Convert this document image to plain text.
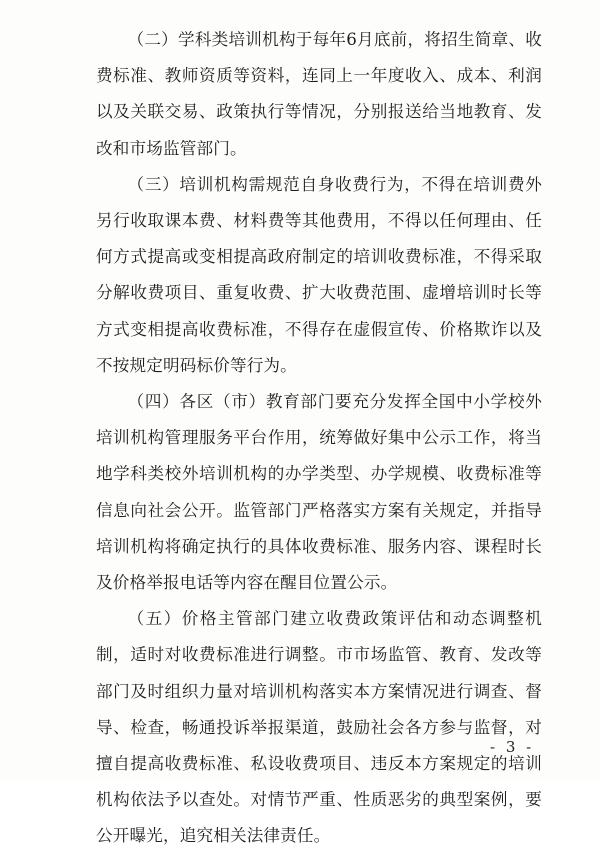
（二）学科类培训机构于每年6月底前，将招生简章、收费标准、教师资质等资料，连同上一年度收入、成本、利润以及关联交易、政策执行等情况，分别报送给当地教育、发改和市场监管部门。

（三）培训机构需规范自身收费行为，不得在培训费外另行收取课本费、材料费等其他费用，不得以任何理由、任何方式提高或变相提高政府制定的培训收费标准，不得采取分解收费项目、重复收费、扩大收费范围、虚增培训时长等方式变相提高收费标准，不得存在虚假宣传、价格欺诈以及不按规定明码标价等行为。

（四）各区（市）教育部门要充分发挥全国中小学校外培训机构管理服务平台作用，统筹做好集中公示工作，将当地学科类校外培训机构的办学类型、办学规模、收费标准等信息向社会公开。监管部门严格落实方案有关规定，并指导培训机构将确定执行的具体收费标准、服务内容、课程时长及价格举报电话等内容在醒目位置公示。

（五）价格主管部门建立收费政策评估和动态调整机制，适时对收费标准进行调整。市市场监管、教育、发改等部门及时组织力量对培训机构落实本方案情况进行调查、督导、检查，畅通投诉举报渠道，鼓励社会各方参与监督，对擅自提高收费标准、私设收费项目、违反本方案规定的培训机构依法予以查处。对情节严重、性质恶劣的典型案例，要公开曝光，追究相关法律责任。

- 3 -
